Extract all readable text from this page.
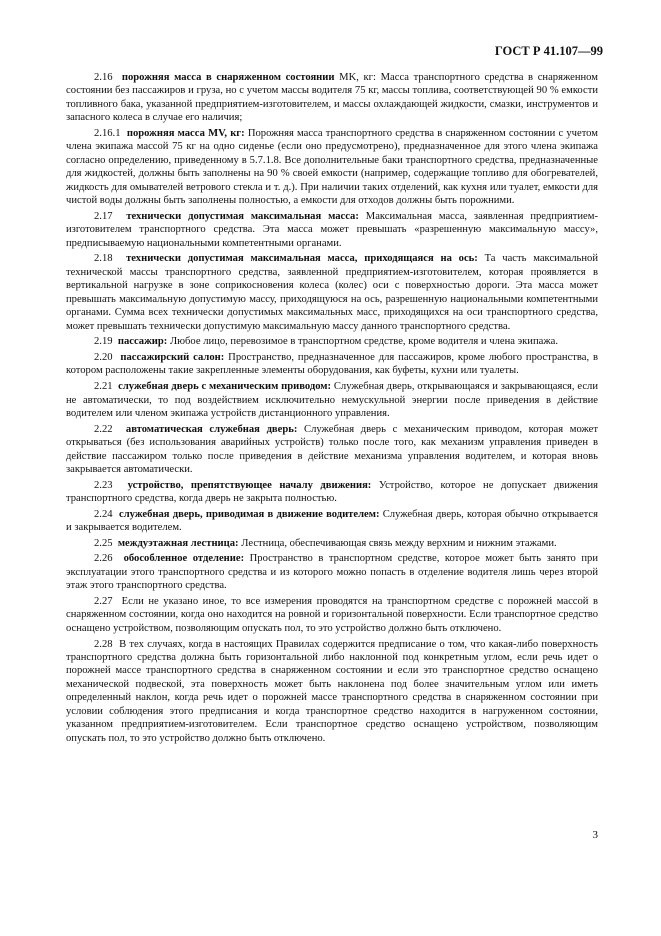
ГОСТ Р 41.107—99

2.16 порожняя масса в снаряженном состоянии MK, кг: Масса транспортного средства в снаряженном состоянии без пассажиров и груза, но с учетом массы водителя 75 кг, массы топлива, соответствующей 90 % емкости топливного бака, указанной предприятием-изготовителем, и массы охлаждающей жидкости, смазки, инструментов и запасного колеса в случае его наличия;

2.16.1 порожняя масса MV, кг: Порожняя масса транспортного средства в снаряженном состоянии с учетом члена экипажа массой 75 кг на одно сиденье (если оно предусмотрено), предназначенное для этого члена экипажа согласно определению, приведенному в 5.7.1.8. Все дополнительные баки транспортного средства, предназначенные для жидкостей, должны быть заполнены на 90 % своей емкости (например, содержащие топливо для обогревателей, жидкость для омывателей ветрового стекла и т. д.). При наличии таких отделений, как кухня или туалет, емкости для чистой воды должны быть заполнены полностью, а емкости для отходов должны быть порожними.

2.17 технически допустимая максимальная масса: Максимальная масса, заявленная предприятием-изготовителем транспортного средства. Эта масса может превышать «разрешенную максимальную массу», предписываемую национальными компетентными органами.

2.18 технически допустимая максимальная масса, приходящаяся на ось: Та часть максимальной технической массы транспортного средства, заявленной предприятием-изготовителем, которая проявляется в вертикальной нагрузке в зоне соприкосновения колеса (колес) оси с поверхностью дороги. Эта масса может превышать максимальную допустимую массу, приходящуюся на ось, разрешенную национальными компетентными органами. Сумма всех технически допустимых максимальных масс, приходящихся на оси транспортного средства, может превышать технически допустимую максимальную массу данного транспортного средства.

2.19 пассажир: Любое лицо, перевозимое в транспортном средстве, кроме водителя и члена экипажа.

2.20 пассажирский салон: Пространство, предназначенное для пассажиров, кроме любого пространства, в котором расположены такие закрепленные элементы оборудования, как буфеты, кухни или туалеты.

2.21 служебная дверь с механическим приводом: Служебная дверь, открывающаяся и закрывающаяся, если не автоматически, то под воздействием исключительно немускульной энергии после приведения в действие водителем или членом экипажа устройств дистанционного управления.

2.22 автоматическая служебная дверь: Служебная дверь с механическим приводом, которая может открываться (без использования аварийных устройств) только после того, как механизм управления приведен в действие пассажиром только после приведения в действие механизма управления водителем, и которая вновь закрывается автоматически.

2.23 устройство, препятствующее началу движения: Устройство, которое не допускает движения транспортного средства, когда дверь не закрыта полностью.

2.24 служебная дверь, приводимая в движение водителем: Служебная дверь, которая обычно открывается и закрывается водителем.

2.25 междуэтажная лестница: Лестница, обеспечивающая связь между верхним и нижним этажами.

2.26 обособленное отделение: Пространство в транспортном средстве, которое может быть занято при эксплуатации этого транспортного средства и из которого можно попасть в отделение водителя лишь через второй этаж этого транспортного средства.

2.27 Если не указано иное, то все измерения проводятся на транспортном средстве с порожней массой в снаряженном состоянии, когда оно находится на ровной и горизонтальной поверхности. Если транспортное средство оснащено устройством, позволяющим опускать пол, то это устройство должно быть отключено.

2.28 В тех случаях, когда в настоящих Правилах содержится предписание о том, что какая-либо поверхность транспортного средства должна быть горизонтальной либо наклонной под конкретным углом, если речь идет о порожней массе транспортного средства в снаряженном состоянии и если это транспортное средство оснащено механической подвеской, эта поверхность может быть наклонена под более значительным углом или иметь определенный наклон, когда речь идет о порожней массе транспортного средства в снаряженном состоянии при условии соблюдения этого предписания и когда транспортное средство находится в нагруженном состоянии, указанном предприятием-изготовителем. Если транспортное средство оснащено устройством, позволяющим опускать пол, то это устройство должно быть отключено.

3
